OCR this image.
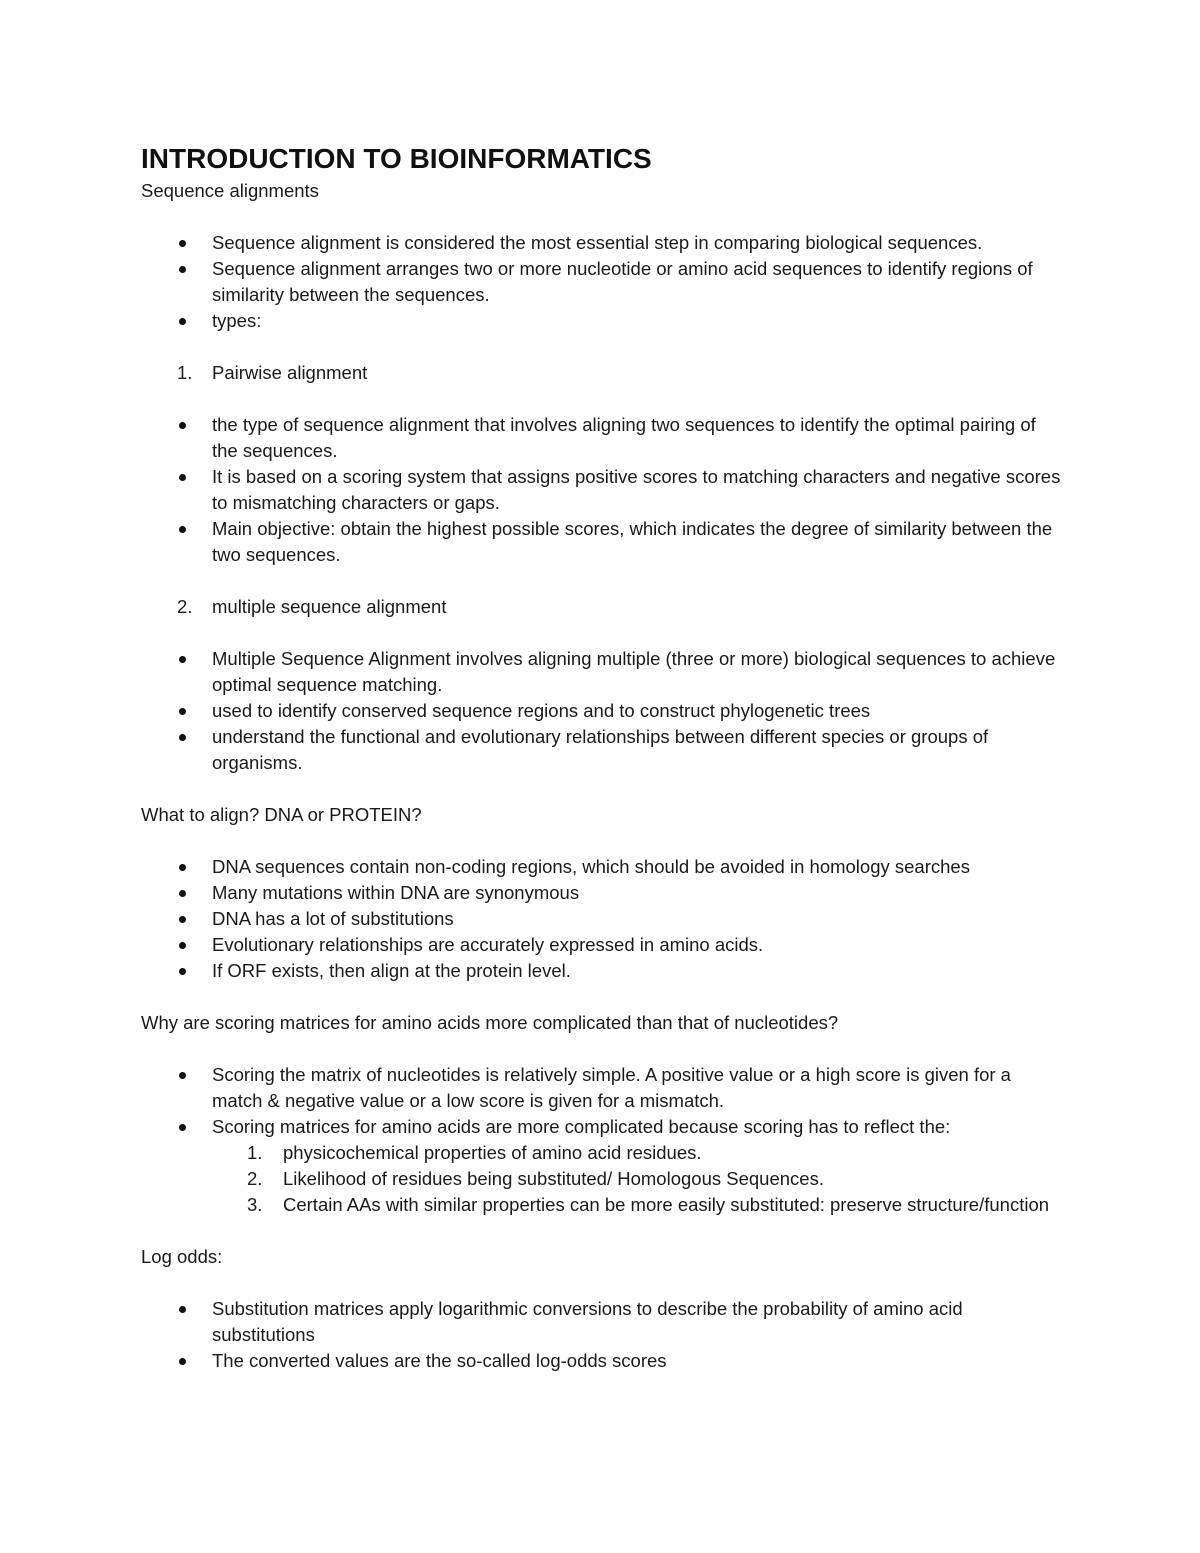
INTRODUCTION TO BIOINFORMATICS

Sequence alignments

Sequence alignment is considered the most essential step in comparing biological sequences.
Sequence alignment arranges two or more nucleotide or amino acid sequences to identify regions of similarity between the sequences.
types:
1. Pairwise alignment
the type of sequence alignment that involves aligning two sequences to identify the optimal pairing of the sequences.
It is based on a scoring system that assigns positive scores to matching characters and negative scores to mismatching characters or gaps.
Main objective: obtain the highest possible scores, which indicates the degree of similarity between the two sequences.
2. multiple sequence alignment
Multiple Sequence Alignment involves aligning multiple (three or more) biological sequences to achieve optimal sequence matching.
used to identify conserved sequence regions and to construct phylogenetic trees
understand the functional and evolutionary relationships between different species or groups of organisms.

What to align? DNA or PROTEIN?

DNA sequences contain non-coding regions, which should be avoided in homology searches
Many mutations within DNA are synonymous
DNA has a lot of substitutions
Evolutionary relationships are accurately expressed in amino acids.
If ORF exists, then align at the protein level.

Why are scoring matrices for amino acids more complicated than that of nucleotides?

Scoring the matrix of nucleotides is relatively simple. A positive value or a high score is given for a match & negative value or a low score is given for a mismatch.
Scoring matrices for amino acids are more complicated because scoring has to reflect the:
1. physicochemical properties of amino acid residues.
2. Likelihood of residues being substituted/ Homologous Sequences.
3. Certain AAs with similar properties can be more easily substituted: preserve structure/function

Log odds:

Substitution matrices apply logarithmic conversions to describe the probability of amino acid substitutions
The converted values are the so-called log-odds scores
